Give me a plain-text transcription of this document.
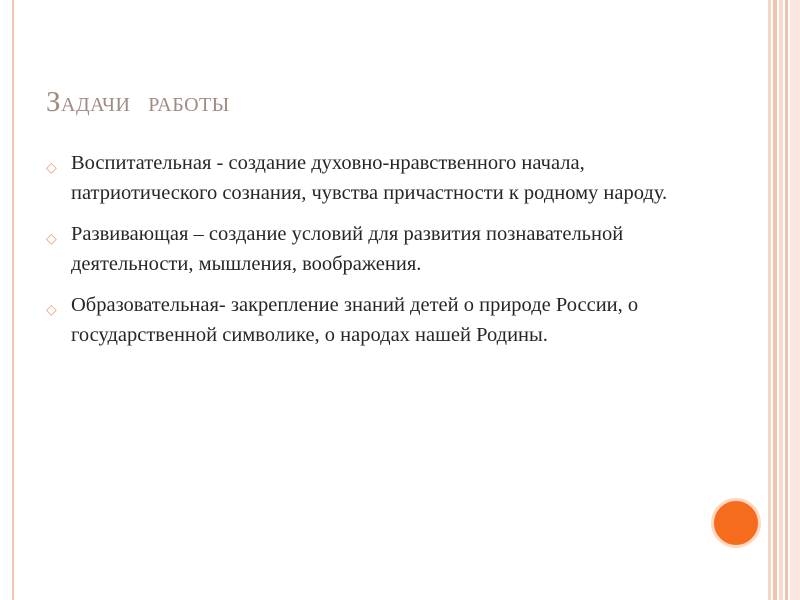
Задачи работы
◇ Воспитательная - создание духовно-нравственного начала, патриотического сознания, чувства причастности к родному народу.
◇ Развивающая – создание условий для развития познавательной деятельности, мышления, воображения.
◇ Образовательная- закрепление знаний детей о природе России, о государственной символике, о народах нашей Родины.
